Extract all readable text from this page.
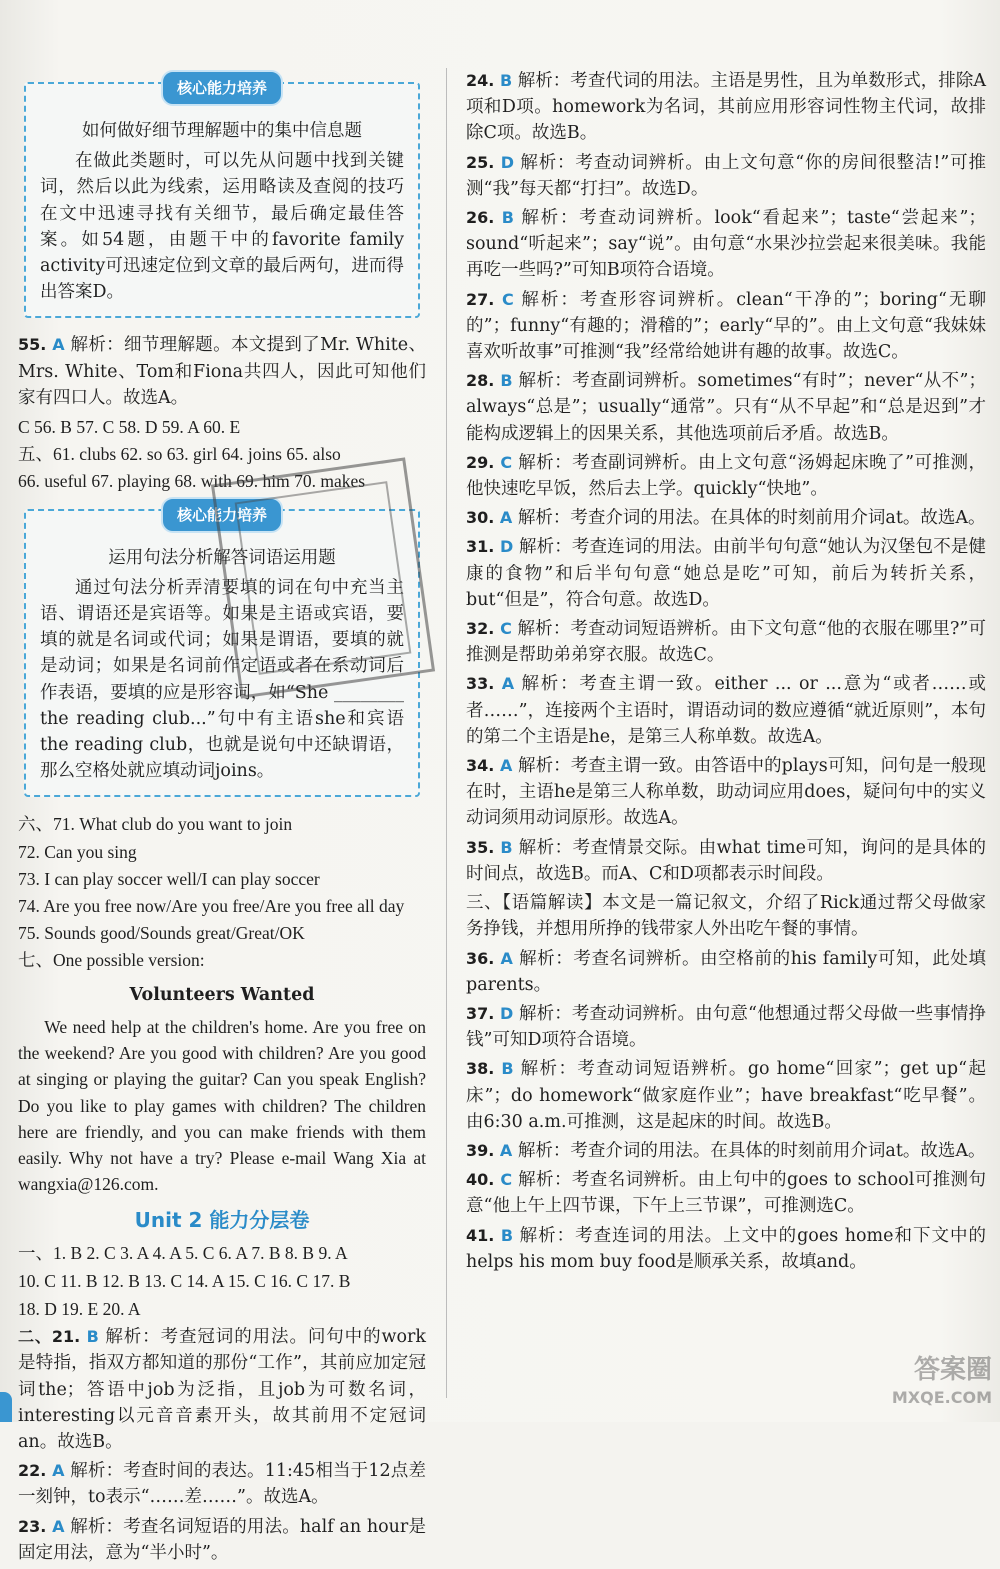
核心能力培养

如何做好细节理解题中的集中信息题

在做此类题时，可以先从问题中找到关键词，然后以此为线索，运用略读及查阅的技巧在文中迅速寻找有关细节，最后确定最佳答案。如54题，由题干中的favorite family activity可迅速定位到文章的最后两句，进而得出答案D。

55. A 解析：细节理解题。本文提到了Mr. White、Mrs. White、Tom和Fiona共四人，因此可知他们家有四口人。故选A。
C 56. B 57. C 58. D 59. A 60. E
五、61. clubs 62. so 63. girl 64. joins 65. also
66. useful 67. playing 68. with 69. him 70. makes
核心能力培养

运用句法分析解答词语运用题

通过句法分析弄清要填的词在句中充当主语、谓语还是宾语等。如果是主语或宾语，要填的就是名词或代词；如果是谓语，要填的就是动词；如果是名词前作定语或者在系动词后作表语，要填的应是形容词，如“She ________ the reading club...”句中有主语she和宾语the reading club，也就是说句中还缺谓语，那么空格处就应填动词joins。

六、71. What club do you want to join
72. Can you sing
73. I can play soccer well/I can play soccer
74. Are you free now/Are you free/Are you free all day
75. Sounds good/Sounds great/Great/OK
七、One possible version:
Volunteers Wanted

We need help at the children's home. Are you free on the weekend? Are you good with children? Are you good at singing or playing the guitar? Can you speak English? Do you like to play games with children? The children here are friendly, and you can make friends with them easily. Why not have a try? Please e-mail Wang Xia at wangxia@126.com.

Unit 2 能力分层卷
一、1. B 2. C 3. A 4. A 5. C 6. A 7. B 8. B 9. A
10. C 11. B 12. B 13. C 14. A 15. C 16. C 17. B
18. D 19. E 20. A
二、21. B 解析：考查冠词的用法。问句中的work是特指，指双方都知道的那份“工作”，其前应加定冠词the；答语中job为泛指，且job为可数名词，interesting以元音音素开头，故其前用不定冠词an。故选B。
22. A 解析：考查时间的表达。11:45相当于12点差一刻钟，to表示“……差……”。故选A。
23. A 解析：考查名词短语的用法。half an hour是固定用法，意为“半小时”。
24. B 解析：考查代词的用法。主语是男性，且为单数形式，排除A项和D项。homework为名词，其前应用形容词性物主代词，故排除C项。故选B。
25. D 解析：考查动词辨析。由上文句意“你的房间很整洁!”可推测“我”每天都“打扫”。故选D。
26. B 解析：考查动词辨析。look“看起来”；taste“尝起来”；sound“听起来”；say“说”。由句意“水果沙拉尝起来很美味。我能再吃一些吗?”可知B项符合语境。
27. C 解析：考查形容词辨析。clean“干净的”；boring“无聊的”；funny“有趣的；滑稽的”；early“早的”。由上文句意“我妹妹喜欢听故事”可推测“我”经常给她讲有趣的故事。故选C。
28. B 解析：考查副词辨析。sometimes“有时”；never“从不”；always“总是”；usually“通常”。只有“从不早起”和“总是迟到”才能构成逻辑上的因果关系，其他选项前后矛盾。故选B。
29. C 解析：考查副词辨析。由上文句意“汤姆起床晚了”可推测，他快速吃早饭，然后去上学。quickly“快地”。
30. A 解析：考查介词的用法。在具体的时刻前用介词at。故选A。
31. D 解析：考查连词的用法。由前半句句意“她认为汉堡包不是健康的食物”和后半句句意“她总是吃”可知，前后为转折关系，but“但是”，符合句意。故选D。
32. C 解析：考查动词短语辨析。由下文句意“他的衣服在哪里?”可推测是帮助弟弟穿衣服。故选C。
33. A 解析：考查主谓一致。either ... or ...意为“或者……或者……”，连接两个主语时，谓语动词的数应遵循“就近原则”，本句的第二个主语是he，是第三人称单数。故选A。
34. A 解析：考查主谓一致。由答语中的plays可知，问句是一般现在时，主语he是第三人称单数，助动词应用does，疑问句中的实义动词须用动词原形。故选A。
35. B 解析：考查情景交际。由what time可知，询问的是具体的时间点，故选B。而A、C和D项都表示时间段。

三、【语篇解读】本文是一篇记叙文，介绍了Rick通过帮父母做家务挣钱，并想用所挣的钱带家人外出吃午餐的事情。

36. A 解析：考查名词辨析。由空格前的his family可知，此处填parents。
37. D 解析：考查动词辨析。由句意“他想通过帮父母做一些事情挣钱”可知D项符合语境。
38. B 解析：考查动词短语辨析。go home“回家”；get up“起床”；do homework“做家庭作业”；have breakfast“吃早餐”。由6:30 a.m.可推测，这是起床的时间。故选B。
39. A 解析：考查介词的用法。在具体的时刻前用介词at。故选A。
40. C 解析：考查名词辨析。由上句中的goes to school可推测句意“他上午上四节课，下午上三节课”，可推测选C。
41. B 解析：考查连词的用法。上文中的goes home和下文中的helps his mom buy food是顺承关系，故填and。
答案圈
MXQE.COM
